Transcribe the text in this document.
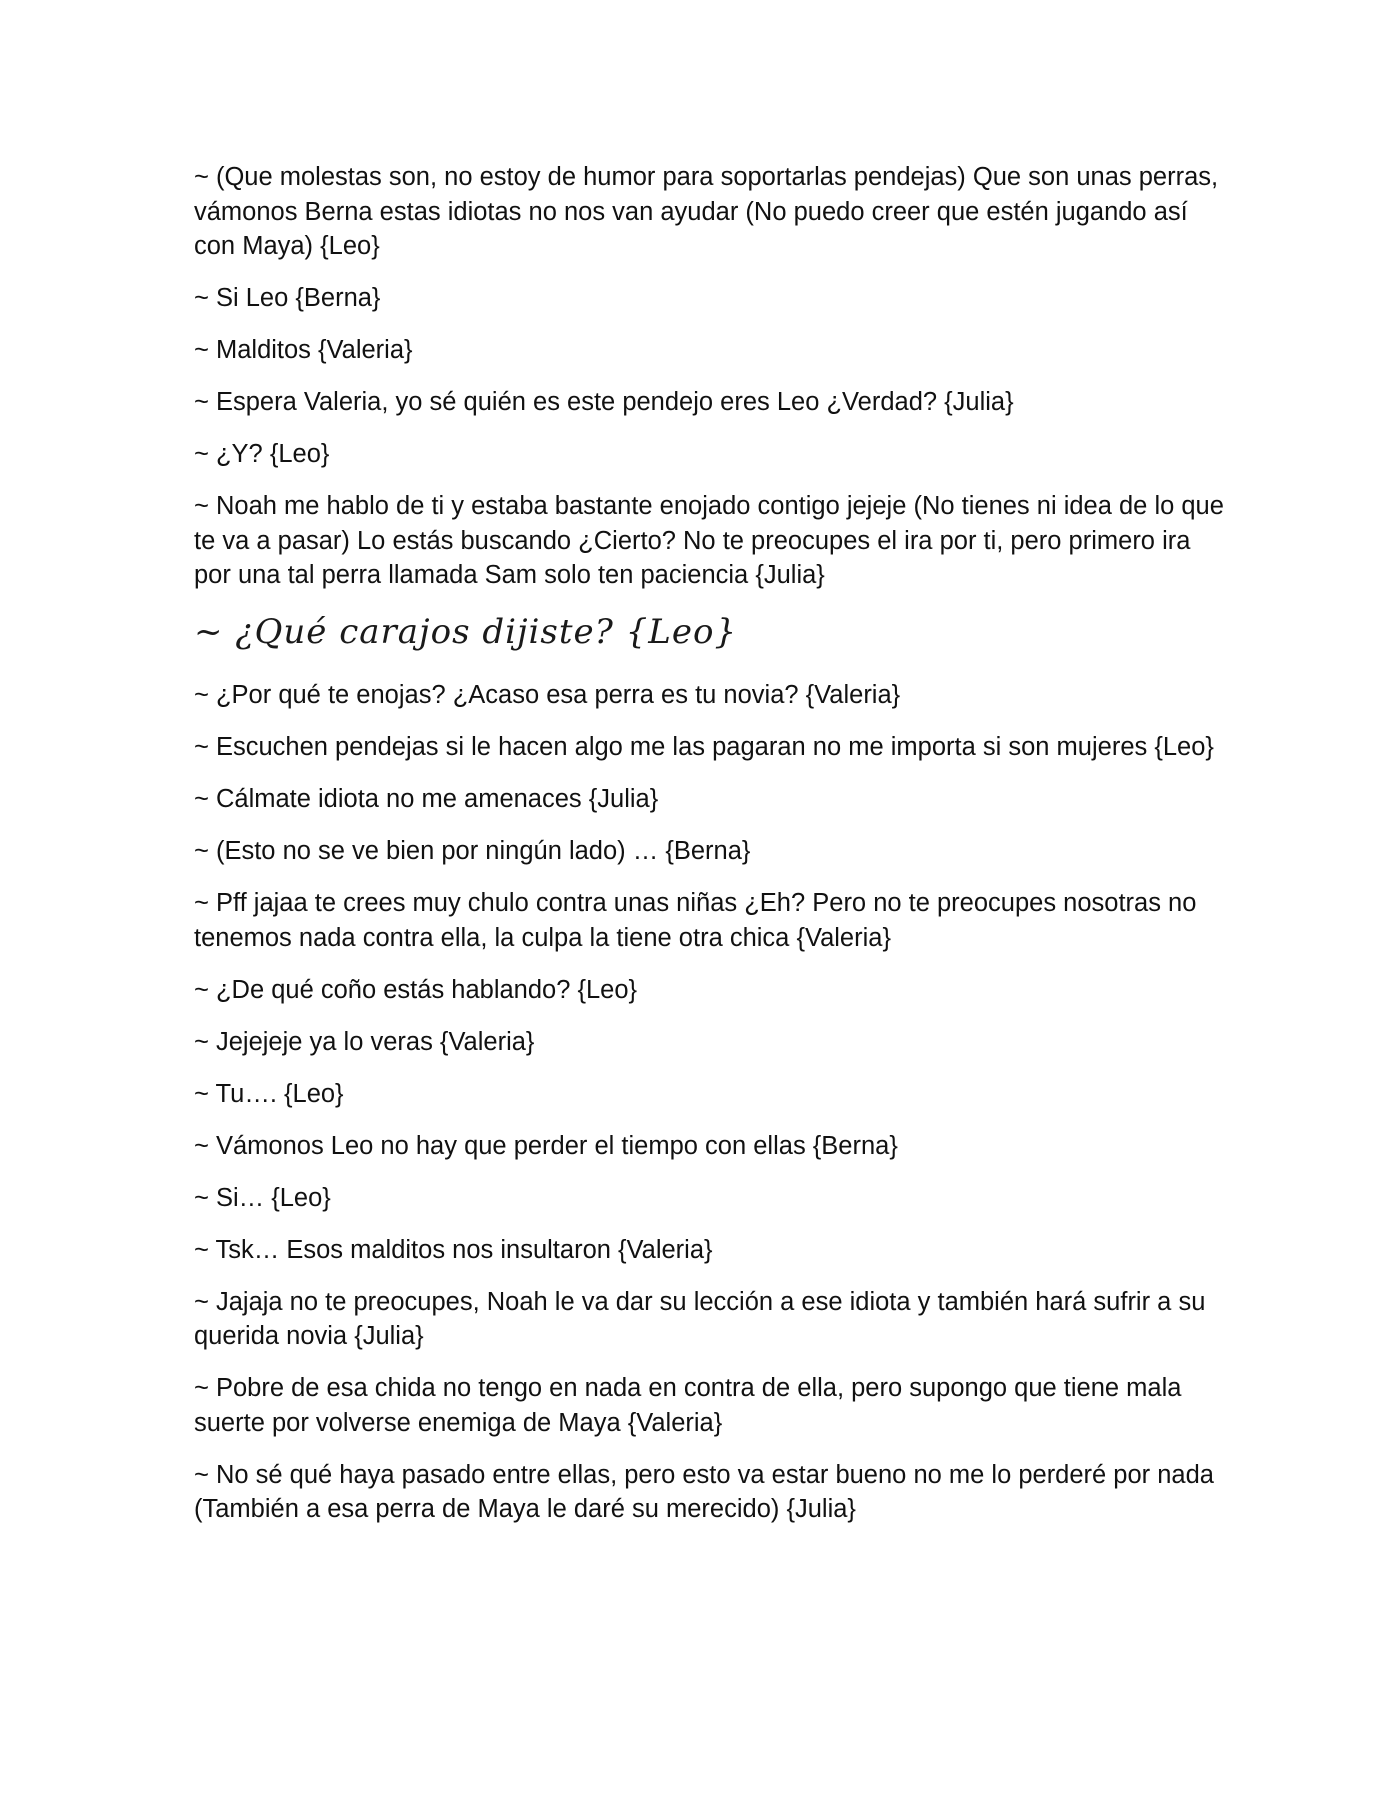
~ (Que molestas son, no estoy de humor para soportarlas pendejas) Que son unas perras, vámonos Berna estas idiotas no nos van ayudar (No puedo creer que estén jugando así con Maya) {Leo}

~ Si Leo {Berna}

~ Malditos {Valeria}

~ Espera Valeria, yo sé quién es este pendejo eres Leo ¿Verdad? {Julia}

~ ¿Y? {Leo}

~ Noah me hablo de ti y estaba bastante enojado contigo jejeje (No tienes ni idea de lo que te va a pasar) Lo estás buscando ¿Cierto? No te preocupes el ira por ti, pero primero ira por una tal perra llamada Sam solo ten paciencia {Julia}

~ ¿Qué carajos dijiste? {Leo}

~ ¿Por qué te enojas? ¿Acaso esa perra es tu novia? {Valeria}

~ Escuchen pendejas si le hacen algo me las pagaran no me importa si son mujeres {Leo}

~ Cálmate idiota no me amenaces {Julia}

~ (Esto no se ve bien por ningún lado) … {Berna}

~ Pff jajaa te crees muy chulo contra unas niñas ¿Eh? Pero no te preocupes nosotras no tenemos nada contra ella, la culpa la tiene otra chica {Valeria}

~ ¿De qué coño estás hablando? {Leo}

~ Jejejeje ya lo veras {Valeria}

~ Tu…. {Leo}

~ Vámonos Leo no hay que perder el tiempo con ellas {Berna}

~ Si… {Leo}

~ Tsk… Esos malditos nos insultaron {Valeria}

~ Jajaja no te preocupes, Noah le va dar su lección a ese idiota y también hará sufrir a su querida novia {Julia}

~ Pobre de esa chida no tengo en nada en contra de ella, pero supongo que tiene mala suerte por volverse enemiga de Maya {Valeria}

~ No sé qué haya pasado entre ellas, pero esto va estar bueno no me lo perderé por nada (También a esa perra de Maya le daré su merecido) {Julia}
